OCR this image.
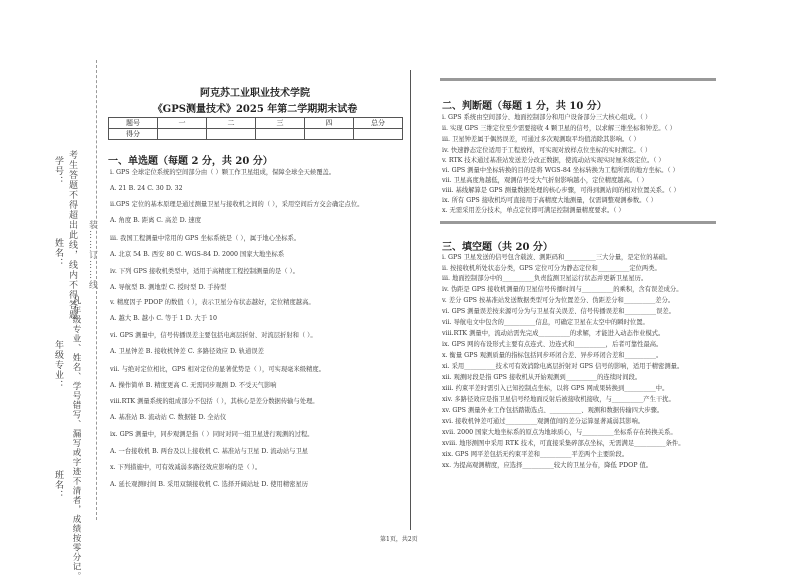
学号： 考生答题不得超出此线，线内不得答题
姓名：
年级专业： 凡年级专业、姓名、学号错写、漏写或字迹不清者，成绩按零分记。
班名：
装……订……线
阿克苏工业职业技术学院
《GPS测量技术》2025 年第二学期期末试卷
题号	一	二	三	四	总分
得分					
一、单选题（每题 2 分，共 20 分）
i. GPS 全球定位系统的空间部分由（ ）颗工作卫星组成，保障全球全天候覆盖。
A. 21 B. 24 C. 30 D. 32
ii.GPS 定位的基本原理是通过测量卫星与接收机之间的（ ），采用空间后方交会确定点位。
A. 角度 B. 距离 C. 高差 D. 速度
iii. 我国工程测量中常用的 GPS 坐标系统是（ ），属于地心坐标系。
A. 北京 54 B. 西安 80 C. WGS-84 D. 2000 国家大地坐标系
iv. 下列 GPS 接收机类型中，适用于高精度工程控制测量的是（ ）。
A. 导航型 B. 测地型 C. 授时型 D. 手持型
v. 精度因子 PDOP 的数值（ ），表示卫星分布状态越好，定位精度越高。
A. 越大 B. 越小 C. 等于 1 D. 大于 10
vi. GPS 测量中，信号传播误差主要包括电离层折射、对流层折射和（ ）。
A. 卫星钟差 B. 接收机钟差 C. 多路径效应 D. 轨道误差
vii. 与绝对定位相比，GPS 相对定位的显著优势是（ ），可实现毫米级精度。
A. 操作简单 B. 精度更高 C. 无需同步观测 D. 不受天气影响
viii.RTK 测量系统的组成部分不包括（ ），其核心是差分数据传输与处理。
A. 基准站 B. 流动站 C. 数据链 D. 全站仪
ix. GPS 测量中，同步观测是指（ ）同时对同一组卫星进行观测的过程。
A. 一台接收机 B. 两台及以上接收机 C. 基准站与卫星 D. 流动站与卫星
x. 下列措施中，可有效减弱多路径效应影响的是（ ）。
A. 延长观测时间 B. 采用双频接收机 C. 选择开阔站址 D. 使用精密星历
二、判断题（每题 1 分，共 10 分）
i. GPS 系统由空间部分、地面控制部分和用户设备部分三大核心组成。（ ）
ii. 实现 GPS 三维定位至少需要接收 4 颗卫星的信号，以求解三维坐标和钟差。（ ）
iii. 卫星钟差属于偶然误差，可通过多次观测取平均值消除其影响。（ ）
iv. 快速静态定位适用于工程放样，可实现对放样点位坐标的实时测定。（ ）
v. RTK 技术通过基准站发送差分改正数据，使流动站实现实时厘米级定位。（ ）
vi. GPS 测量中坐标转换的目的是将 WGS-84 坐标转换为工程所需的地方坐标。（ ）
vii. 卫星高度角越低，观测信号受大气折射影响越小，定位精度越高。（ ）
viii. 基线解算是 GPS 测量数据处理的核心步骤，可得到测站间的相对位置关系。（ ）
ix. 所有 GPS 接收机均可直接用于高精度大地测量，仅需调整观测参数。（ ）
x. 无需采用差分技术，单点定位即可满足控制测量精度要求。（ ）
三、填空题（共 20 分）
i. GPS 卫星发送的信号包含载波、测距码和__________三大分量，是定位的基础。
ii. 按接收机所处状态分类，GPS 定位可分为静态定位和__________定位两类。
iii. 地面控制部分中的__________负责监测卫星运行状态并更新卫星星历。
iv. 伪距是 GPS 接收机测量的卫星信号传播时间与__________的乘积，含有误差成分。
v. 差分 GPS 按基准站发送数据类型可分为位置差分、伪距差分和__________差分。
vi. GPS 测量误差按来源可分为与卫星有关误差、信号传播误差和__________误差。
vii. 导航电文中包含的__________信息，可确定卫星在太空中的瞬时位置。
viii.RTK 测量中，流动站需先完成__________的求解，才能进入动态作业模式。
ix. GPS 网的布设形式主要有点连式、边连式和__________，后者可靠性最高。
x. 衡量 GPS 观测质量的指标包括同步环闭合差、异步环闭合差和__________。
xi. 采用__________技术可有效消除电离层折射对 GPS 信号的影响，适用于精密测量。
xii. 观测时段是指 GPS 接收机从开始观测到__________的连续时间段。
xiii. 约束平差时需引入已知控制点坐标，以将 GPS 网成果转换到__________中。
xiv. 多路径效应是指卫星信号经地面反射后被接收机接收，与__________产生干扰。
xv. GPS 测量外业工作包括踏勘选点、__________、观测和数据传输四大步骤。
xvi. 接收机钟差可通过__________观测值间的差分运算显著减弱其影响。
xvii. 2000 国家大地坐标系的原点为地球质心，与__________坐标系存在转换关系。
xviii. 地形测图中采用 RTK 技术，可直接采集碎部点坐标，无需满足__________条件。
xix. GPS 网平差包括无约束平差和__________平差两个主要阶段。
xx. 为提高观测精度，应选择__________较大的卫星分布，降低 PDOP 值。
第1页，共2页
